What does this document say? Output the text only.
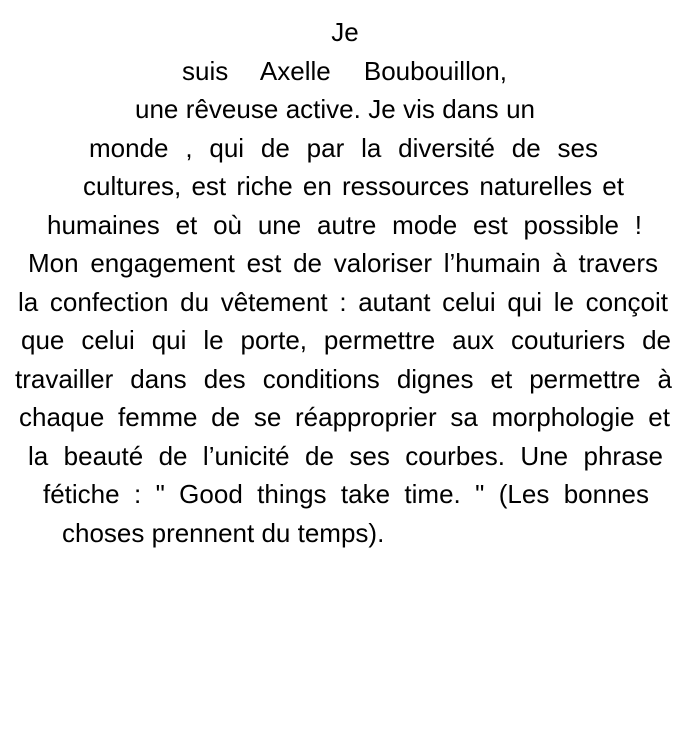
Je
suis Axelle Boubouillon,
une rêveuse active. Je vis dans un
monde , qui de par la diversité de ses
cultures, est riche en ressources naturelles et
humaines et où une autre mode est possible !
Mon engagement est de valoriser l’humain à travers
la confection du vêtement : autant celui qui le conçoit
que celui qui le porte, permettre aux couturiers de
travailler dans des conditions dignes et permettre à
chaque femme de se réapproprier sa morphologie et
la beauté de l’unicité de ses courbes. Une phrase
fétiche : " Good things take time. " (Les bonnes
choses prennent du temps).
